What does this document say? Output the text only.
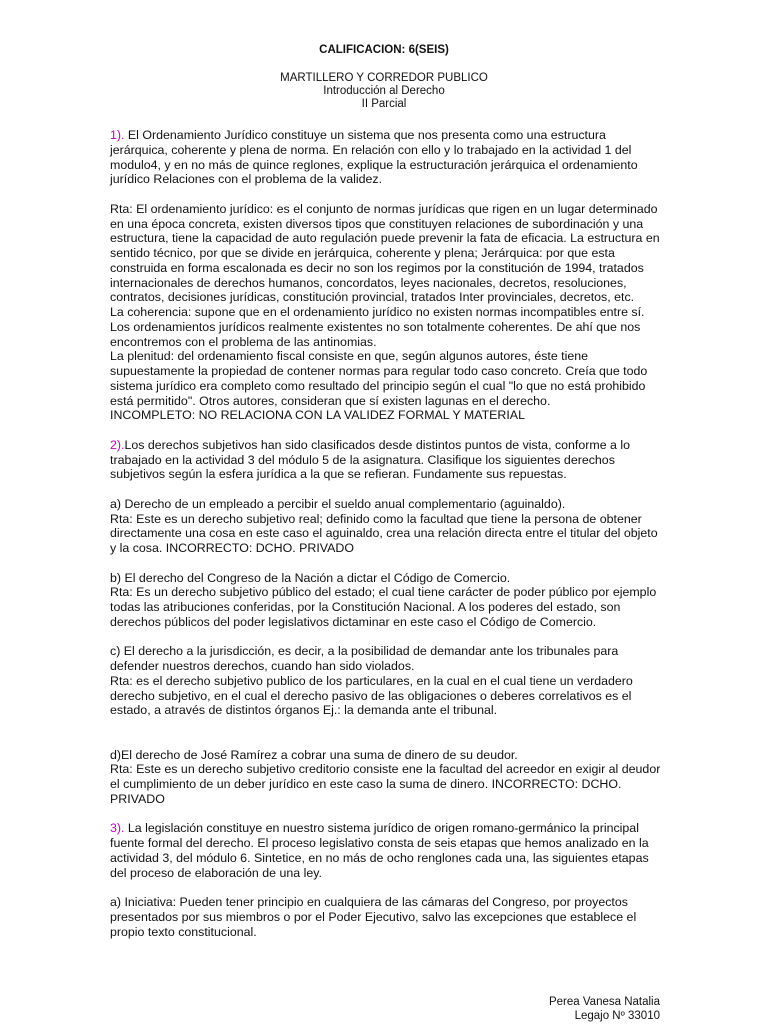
CALIFICACION: 6(SEIS)
MARTILLERO Y CORREDOR PUBLICO
Introducción al Derecho
II Parcial

1). El Ordenamiento Jurídico constituye un sistema que nos presenta como una estructura jerárquica, coherente y plena de norma. En relación con ello y lo trabajado en la actividad 1 del modulo4, y en no más de quince reglones, explique la estructuración jerárquica el ordenamiento jurídico Relaciones con el problema de la validez.

Rta: El ordenamiento jurídico: es el conjunto de normas jurídicas que rigen en un lugar determinado en una época concreta, existen diversos tipos que constituyen relaciones de subordinación y una estructura, tiene la capacidad de auto regulación puede prevenir la fata de eficacia. La estructura en sentido técnico, por que se divide en jerárquica, coherente y plena; Jerárquica: por que esta construida en forma escalonada es decir no son los regimos por la constitución de 1994, tratados internacionales de derechos humanos, concordatos, leyes nacionales, decretos, resoluciones, contratos, decisiones jurídicas, constitución provincial, tratados Inter provinciales, decretos, etc.

La coherencia: supone que en el ordenamiento jurídico no existen normas incompatibles entre sí. Los ordenamientos jurídicos realmente existentes no son totalmente coherentes. De ahí que nos encontremos con el problema de las antinomias.

La plenitud: del ordenamiento fiscal consiste en que, según algunos autores, éste tiene supuestamente la propiedad de contener normas para regular todo caso concreto. Creía que todo sistema jurídico era completo como resultado del principio según el cual "lo que no está prohibido está permitido". Otros autores, consideran que sí existen lagunas en el derecho.

INCOMPLETO: NO RELACIONA CON LA VALIDEZ FORMAL Y MATERIAL

2).Los derechos subjetivos han sido clasificados desde distintos puntos de vista, conforme a lo trabajado en la actividad 3 del módulo 5 de la asignatura. Clasifique los siguientes derechos subjetivos según la esfera jurídica a la que se refieran. Fundamente sus repuestas.

a) Derecho de un empleado a percibir el sueldo anual complementario (aguinaldo).

Rta: Este es un derecho subjetivo real; definido como la facultad que tiene la persona de obtener directamente una cosa en este caso el aguinaldo, crea una relación directa entre el titular del objeto y la cosa. INCORRECTO: DCHO. PRIVADO

b) El derecho del Congreso de la Nación a dictar el Código de Comercio.

Rta: Es un derecho subjetivo público del estado; el cual tiene carácter de poder público por ejemplo todas las atribuciones conferidas, por la Constitución Nacional. A los poderes del estado, son derechos públicos del poder legislativos dictaminar en este caso el Código de Comercio.

c) El derecho a la jurisdicción, es decir, a la posibilidad de demandar ante los tribunales para defender nuestros derechos, cuando han sido violados.

Rta: es el derecho subjetivo publico de los particulares, en la cual en el cual tiene un verdadero derecho subjetivo, en el cual el derecho pasivo de las obligaciones o deberes correlativos es el estado, a através de distintos órganos Ej.: la demanda ante el tribunal.

d)El derecho de José Ramírez a cobrar una suma de dinero de su deudor.

Rta: Este es un derecho subjetivo creditorio consiste ene la facultad del acreedor en exigir al deudor el cumplimiento de un deber jurídico en este caso la suma de dinero. INCORRECTO: DCHO. PRIVADO

3). La legislación constituye en nuestro sistema jurídico de origen romano-germánico la principal fuente formal del derecho. El proceso legislativo consta de seis etapas que hemos analizado en la actividad 3, del módulo 6. Sintetice, en no más de ocho renglones cada una, las siguientes etapas del proceso de elaboración de una ley.

a) Iniciativa: Pueden tener principio en cualquiera de las cámaras del Congreso, por proyectos presentados por sus miembros o por el Poder Ejecutivo, salvo las excepciones que establece el propio texto constitucional.

Perea Vanesa Natalia
Legajo Nº 33010
